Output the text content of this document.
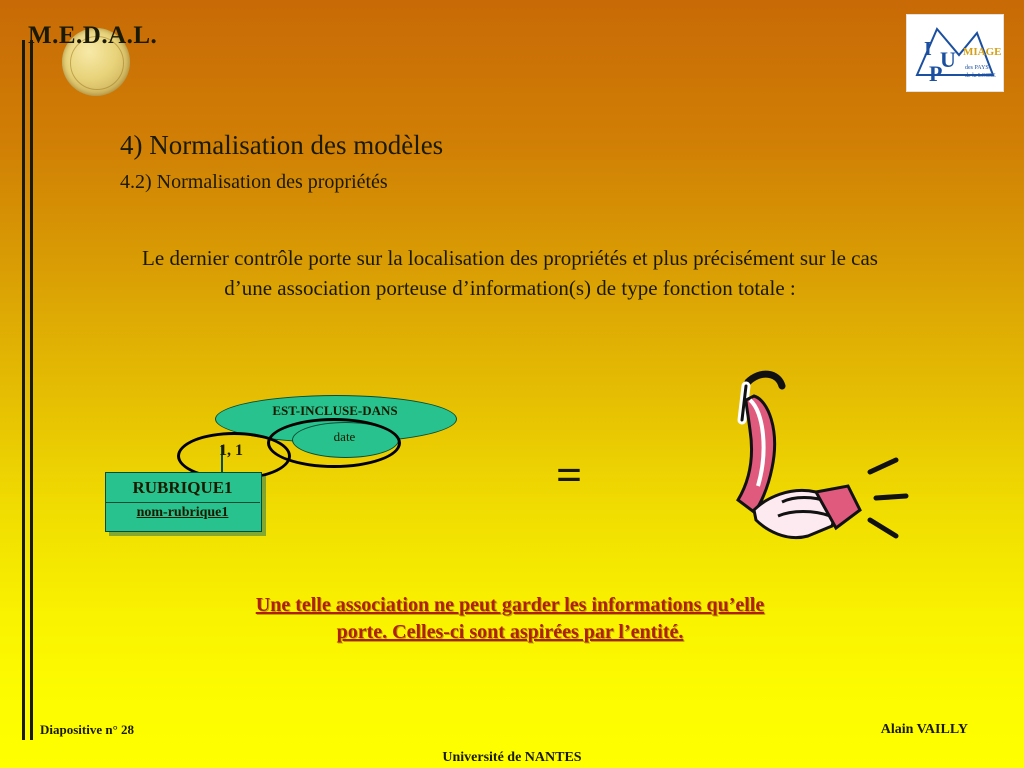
M.E.D.A.L.	I U
P
MIAGE
des PAYS
de la LOIRE
4) Normalisation des modèles
4.2) Normalisation des propriétés
Le dernier contrôle porte sur la localisation des propriétés et plus précisément sur le cas d’une association porteuse d’information(s) de type fonction totale :
EST-INCLUSE-DANS
date
1, 1
RUBRIQUE1
nom-rubrique1
=
Une telle association ne peut garder les informations qu’elle porte. Celles-ci sont aspirées par l’entité.
Diapositive n° 28
Université de NANTES
Alain VAILLY
